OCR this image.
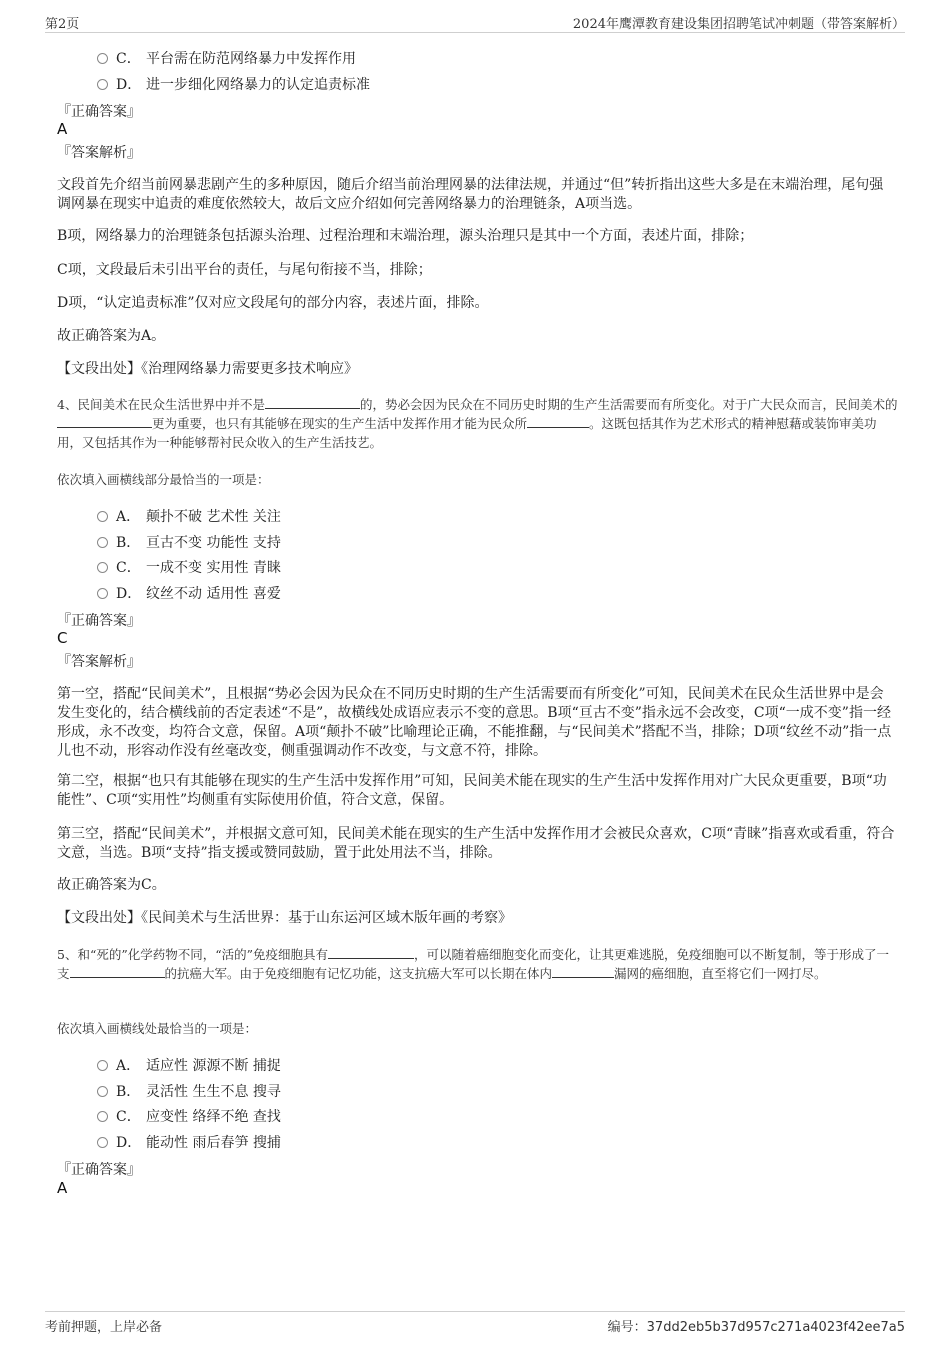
第2页	2024年鹰潭教育建设集团招聘笔试冲刺题（带答案解析）
C． 平台需在防范网络暴力中发挥作用
D． 进一步细化网络暴力的认定追责标准
『正确答案』
A
『答案解析』
文段首先介绍当前网暴悲剧产生的多种原因，随后介绍当前治理网暴的法律法规，并通过“但”转折指出这些大多是在末端治理，尾句强调网暴在现实中追责的难度依然较大，故后文应介绍如何完善网络暴力的治理链条，A项当选。
B项，网络暴力的治理链条包括源头治理、过程治理和末端治理，源头治理只是其中一个方面，表述片面，排除；
C项，文段最后未引出平台的责任，与尾句衔接不当，排除；
D项，“认定追责标准”仅对应文段尾句的部分内容，表述片面，排除。
故正确答案为A。
【文段出处】《治理网络暴力需要更多技术响应》
4、民间美术在民众生活世界中并不是	的，势必会因为民众在不同历史时期的生产生活需要而有所变化。对于广大民众而言，民间美术的更为重要，也只有其能够在现实的生产生活中发挥作用才能为民众所	。这既包括其作为艺术形式的精神慰藉或装饰审美功用，又包括其作为一种能够帮衬民众收入的生产生活技艺。
依次填入画横线部分最恰当的一项是：
A． 颠扑不破 艺术性 关注
B． 亘古不变 功能性 支持
C． 一成不变 实用性 青睐
D． 纹丝不动 适用性 喜爱
『正确答案』
C
『答案解析』
第一空，搭配“民间美术”，且根据“势必会因为民众在不同历史时期的生产生活需要而有所变化”可知，民间美术在民众生活世界中是会发生变化的，结合横线前的否定表述“不是”，故横线处成语应表示不变的意思。B项“亘古不变”指永远不会改变，C项“一成不变”指一经形成，永不改变，均符合文意，保留。A项“颠扑不破”比喻理论正确，不能推翻，与“民间美术”搭配不当，排除；D项“纹丝不动”指一点儿也不动，形容动作没有丝毫改变，侧重强调动作不改变，与文意不符，排除。
第二空，根据“也只有其能够在现实的生产生活中发挥作用”可知，民间美术能在现实的生产生活中发挥作用对广大民众更重要，B项“功能性”、C项“实用性”均侧重有实际使用价值，符合文意，保留。
第三空，搭配“民间美术”，并根据文意可知，民间美术能在现实的生产生活中发挥作用才会被民众喜欢，C项“青睐”指喜欢或看重，符合文意，当选。B项“支持”指支援或赞同鼓励，置于此处用法不当，排除。
故正确答案为C。
【文段出处】《民间美术与生活世界：基于山东运河区域木版年画的考察》
5、和“死的”化学药物不同，“活的”免疫细胞具有	，可以随着癌细胞变化而变化，让其更难逃脱，免疫细胞可以不断复制，等于形成了一支	的抗癌大军。由于免疫细胞有记忆功能，这支抗癌大军可以长期在体内	漏网的癌细胞，直至将它们一网打尽。
依次填入画横线处最恰当的一项是：
A． 适应性 源源不断 捕捉
B． 灵活性 生生不息 搜寻
C． 应变性 络绎不绝 查找
D． 能动性 雨后春笋 搜捕
『正确答案』
A
考前押题，上岸必备	编号：37dd2eb5b37d957c271a4023f42ee7a5
